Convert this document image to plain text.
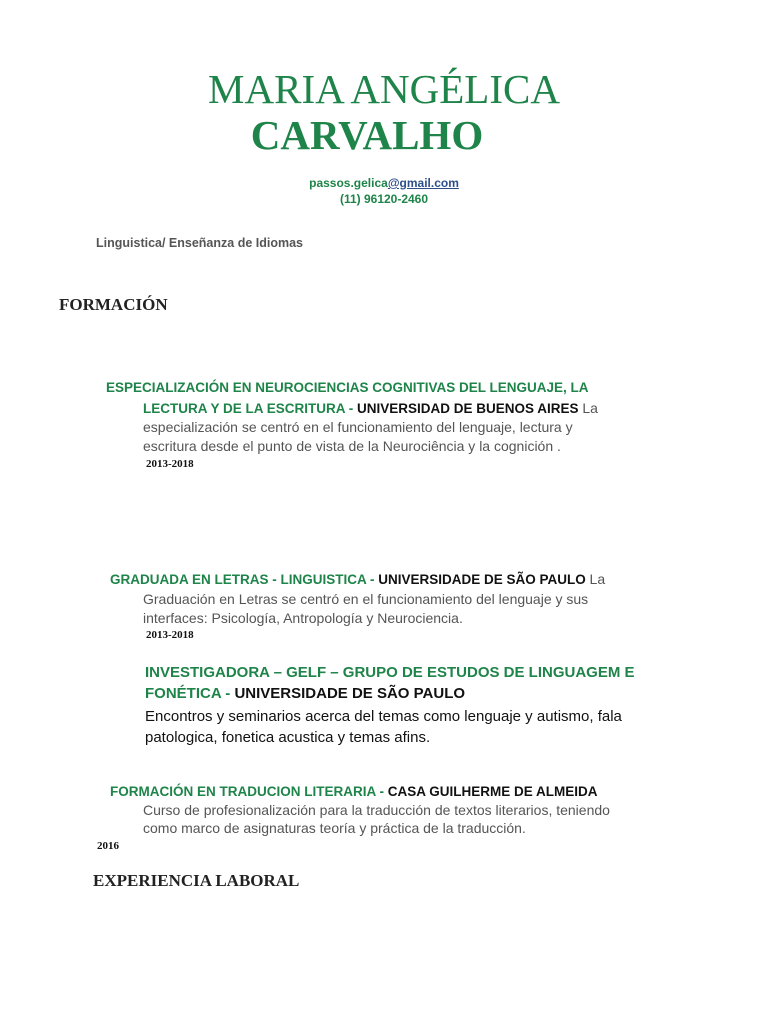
MARIA ANGÉLICA
CARVALHO
passos.gelica@gmail.com
(11) 96120-2460
Linguistica/ Enseñanza de Idiomas
FORMACIÓN
ESPECIALIZACIÓN EN NEUROCIENCIAS COGNITIVAS DEL LENGUAJE, LA
LECTURA Y DE LA ESCRITURA - UNIVERSIDAD DE BUENOS AIRES La
especialización se centró en el funcionamiento del lenguaje, lectura y
escritura desde el punto de vista de la Neurociência y la cognición .
2013-2018
GRADUADA EN LETRAS - LINGUISTICA - UNIVERSIDADE DE SÃO PAULO La
Graduación en Letras se centró en el funcionamiento del lenguaje y sus
interfaces: Psicología, Antropología y Neurociencia.
2013-2018
INVESTIGADORA – GELF – GRUPO DE ESTUDOS DE LINGUAGEM E
FONÉTICA - UNIVERSIDADE DE SÃO PAULO
Encontros y seminarios acerca del temas como lenguaje y autismo, fala
patologica, fonetica acustica y temas afins.
FORMACIÓN EN TRADUCION LITERARIA - CASA GUILHERME DE ALMEIDA
Curso de profesionalización para la traducción de textos literarios, teniendo
como marco de asignaturas teoría y práctica de la traducción.
2016
EXPERIENCIA LABORAL
